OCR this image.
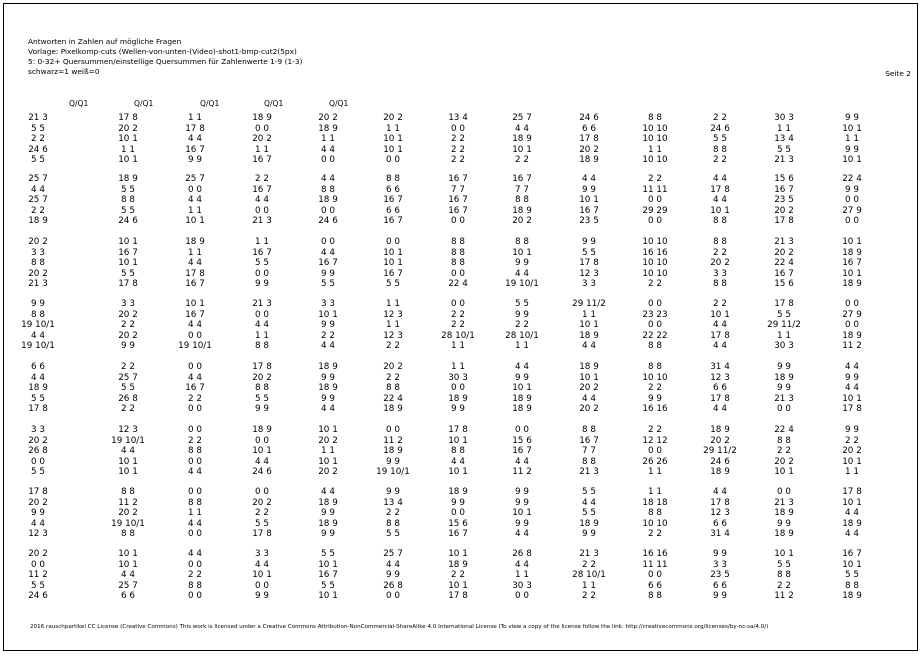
Antworten in Zahlen auf mögliche Fragen
Vorlage: Pixelkomp-cuts (Wellen-von-unten-(Video)-shot1-bmp-cut2(5px)
5: 0-32+ Quersummen/einstellige Quersummen für Zahlenwerte 1-9 (1-3)
schwarz=1 weiß=0	Seite 2
Q/Q1	Q/Q1	Q/Q1	Q/Q1	Q/Q1
21 3	17 8	1 1	18 9	20 2	20 2	13 4	25 7	24 6	8 8	2 2	30 3	9 9
5 5	20 2	17 8	0 0	18 9	1 1	0 0	4 4	6 6	10 10	24 6	1 1	10 1
2 2	10 1	4 4	20 2	1 1	10 1	2 2	18 9	17 8	10 10	5 5	13 4	1 1
24 6	1 1	16 7	1 1	4 4	10 1	2 2	10 1	20 2	1 1	8 8	5 5	9 9
5 5	10 1	9 9	16 7	0 0	0 0	2 2	2 2	18 9	10 10	2 2	21 3	10 1
25 7	18 9	25 7	2 2	4 4	8 8	16 7	16 7	4 4	2 2	4 4	15 6	22 4
4 4	5 5	0 0	16 7	8 8	6 6	7 7	7 7	9 9	11 11	17 8	16 7	9 9
25 7	8 8	4 4	4 4	18 9	16 7	16 7	8 8	10 1	0 0	4 4	23 5	0 0
2 2	5 5	1 1	0 0	0 0	6 6	16 7	18 9	16 7	29 29	10 1	20 2	27 9
18 9	24 6	10 1	21 3	24 6	16 7	0 0	20 2	23 5	0 0	8 8	17 8	0 0
20 2	10 1	18 9	1 1	0 0	0 0	8 8	8 8	9 9	10 10	8 8	21 3	10 1
3 3	16 7	1 1	16 7	4 4	10 1	8 8	10 1	5 5	16 16	2 2	20 2	18 9
8 8	10 1	4 4	5 5	16 7	10 1	8 8	9 9	17 8	10 10	20 2	22 4	16 7
20 2	5 5	17 8	0 0	9 9	16 7	0 0	4 4	12 3	10 10	3 3	16 7	10 1
21 3	17 8	16 7	9 9	5 5	5 5	22 4	19 10/1	3 3	2 2	8 8	15 6	18 9
9 9	3 3	10 1	21 3	3 3	1 1	0 0	5 5	29 11/2	0 0	2 2	17 8	0 0
8 8	20 2	16 7	0 0	10 1	12 3	2 2	9 9	1 1	23 23	10 1	5 5	27 9
19 10/1	2 2	4 4	4 4	9 9	1 1	2 2	2 2	10 1	0 0	4 4	29 11/2	0 0
4 4	20 2	0 0	1 1	2 2	12 3	28 10/1	28 10/1	18 9	22 22	17 8	1 1	18 9
19 10/1	9 9	19 10/1	8 8	4 4	2 2	1 1	1 1	4 4	8 8	4 4	30 3	11 2
6 6	2 2	0 0	17 8	18 9	20 2	1 1	4 4	18 9	8 8	31 4	9 9	4 4
4 4	25 7	4 4	20 2	9 9	2 2	30 3	9 9	10 1	10 10	12 3	18 9	9 9
18 9	5 5	16 7	8 8	18 9	8 8	0 0	10 1	20 2	2 2	6 6	9 9	4 4
5 5	26 8	2 2	5 5	9 9	22 4	18 9	18 9	4 4	9 9	17 8	21 3	10 1
17 8	2 2	0 0	9 9	4 4	18 9	9 9	18 9	20 2	16 16	4 4	0 0	17 8
3 3	12 3	0 0	18 9	10 1	0 0	17 8	0 0	8 8	2 2	18 9	22 4	9 9
20 2	19 10/1	2 2	0 0	20 2	11 2	10 1	15 6	16 7	12 12	20 2	8 8	2 2
26 8	4 4	8 8	10 1	1 1	18 9	8 8	16 7	7 7	0 0	29 11/2	2 2	20 2
0 0	10 1	0 0	4 4	10 1	9 9	4 4	4 4	8 8	26 26	24 6	20 2	10 1
5 5	10 1	4 4	24 6	20 2	19 10/1	10 1	11 2	21 3	1 1	18 9	10 1	1 1
17 8	8 8	0 0	0 0	4 4	9 9	18 9	9 9	5 5	1 1	4 4	0 0	17 8
20 2	11 2	8 8	20 2	18 9	13 4	9 9	9 9	4 4	18 18	17 8	21 3	10 1
9 9	20 2	1 1	2 2	9 9	2 2	0 0	10 1	5 5	8 8	12 3	18 9	4 4
4 4	19 10/1	4 4	5 5	18 9	8 8	15 6	9 9	18 9	10 10	6 6	9 9	18 9
12 3	8 8	0 0	17 8	9 9	5 5	16 7	4 4	9 9	2 2	31 4	18 9	4 4
20 2	10 1	4 4	3 3	5 5	25 7	10 1	26 8	21 3	16 16	9 9	10 1	16 7
0 0	10 1	0 0	4 4	10 1	4 4	18 9	4 4	2 2	11 11	3 3	5 5	10 1
11 2	4 4	2 2	10 1	16 7	9 9	2 2	1 1	28 10/1	0 0	23 5	8 8	5 5
5 5	25 7	8 8	0 0	5 5	26 8	10 1	30 3	1 1	6 6	6 6	2 2	8 8
24 6	6 6	0 0	9 9	10 1	0 0	17 8	0 0	2 2	8 8	9 9	11 2	18 9
2016 rauschpartikel CC License (Creative Commons) This work is licensed under a Creative Commons Attribution-NonCommercial-ShareAlike 4.0 International License (To view a copy of the license follow the link: http://creativecommons.org/licenses/by-nc-sa/4.0/)
